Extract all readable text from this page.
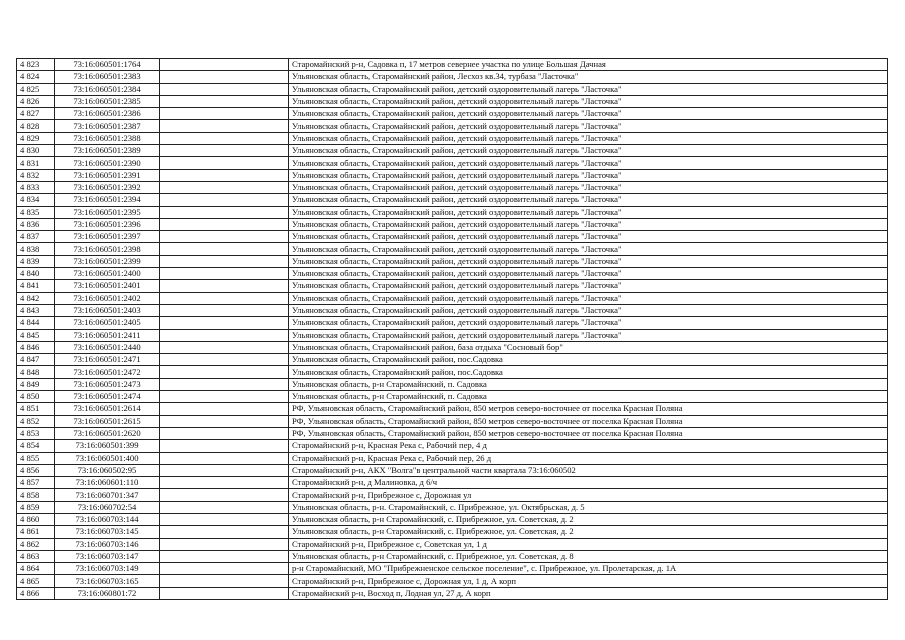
4 823	73:16:060501:1764		Старомайнский р-н, Садовка п, 17 метров севернее участка по улице Большая Дачная
4 824	73:16:060501:2383		Ульяновская область, Старомайнский район, Лесхоз кв.34, турбаза "Ласточка"
4 825	73:16:060501:2384		Ульяновская область, Старомайнский район, детский оздоровительный лагерь "Ласточка"
4 826	73:16:060501:2385		Ульяновская область, Старомайнский район, детский оздоровительный лагерь "Ласточка"
4 827	73:16:060501:2386		Ульяновская область, Старомайнский район, детский оздоровительный лагерь "Ласточка"
4 828	73:16:060501:2387		Ульяновская область, Старомайнский район, детский оздоровительный лагерь "Ласточка"
4 829	73:16:060501:2388		Ульяновская область, Старомайнский район, детский оздоровительный лагерь "Ласточка"
4 830	73:16:060501:2389		Ульяновская область, Старомайнский район, детский оздоровительный лагерь "Ласточка"
4 831	73:16:060501:2390		Ульяновская область, Старомайнский район, детский оздоровительный лагерь "Ласточка"
4 832	73:16:060501:2391		Ульяновская область, Старомайнский район, детский оздоровительный лагерь "Ласточка"
4 833	73:16:060501:2392		Ульяновская область, Старомайнский район, детский оздоровительный лагерь "Ласточка"
4 834	73:16:060501:2394		Ульяновская область, Старомайнский район, детский оздоровительный лагерь "Ласточка"
4 835	73:16:060501:2395		Ульяновская область, Старомайнский район, детский оздоровительный лагерь "Ласточка"
4 836	73:16:060501:2396		Ульяновская область, Старомайнский район, детский оздоровительный лагерь "Ласточка"
4 837	73:16:060501:2397		Ульяновская область, Старомайнский район, детский оздоровительный лагерь "Ласточка"
4 838	73:16:060501:2398		Ульяновская область, Старомайнский район, детский оздоровительный лагерь "Ласточка"
4 839	73:16:060501:2399		Ульяновская область, Старомайнский район, детский оздоровительный лагерь "Ласточка"
4 840	73:16:060501:2400		Ульяновская область, Старомайнский район, детский оздоровительный лагерь "Ласточка"
4 841	73:16:060501:2401		Ульяновская область, Старомайнский район, детский оздоровительный лагерь "Ласточка"
4 842	73:16:060501:2402		Ульяновская область, Старомайнский район, детский оздоровительный лагерь "Ласточка"
4 843	73:16:060501:2403		Ульяновская область, Старомайнский район, детский оздоровительный лагерь "Ласточка"
4 844	73:16:060501:2405		Ульяновская область, Старомайнский район, детский оздоровительный лагерь "Ласточка"
4 845	73:16:060501:2411		Ульяновская область, Старомайнский район, детский оздоровительный лагерь "Ласточка"
4 846	73:16:060501:2440		Ульяновская область, Старомайнский район, база отдыха "Сосновый бор"
4 847	73:16:060501:2471		Ульяновская область, Старомайнский район, пос.Садовка
4 848	73:16:060501:2472		Ульяновская область, Старомайнский район, пос.Садовка
4 849	73:16:060501:2473		Ульяновская область, р-н Старомайнский, п. Садовка
4 850	73:16:060501:2474		Ульяновская область, р-н Старомайнский, п. Садовка
4 851	73:16:060501:2614		РФ, Ульяновская область, Старомайнский район, 850 метров северо-восточнее от поселка Красная Поляна
4 852	73:16:060501:2615		РФ, Ульяновская область, Старомайнский район, 850 метров северо-восточнее от поселка Красная Поляна
4 853	73:16:060501:2620		РФ, Ульяновская область, Старомайнский район, 850 метров северо-восточнее от поселка Красная Поляна
4 854	73:16:060501:399		Старомайнский р-н, Красная Река с, Рабочий пер, 4 д
4 855	73:16:060501:400		Старомайнский р-н, Красная Река с, Рабочий пер, 26 д
4 856	73:16:060502:95		Старомайнский р-н, АКХ "Волга"в центральной части квартала 73:16:060502
4 857	73:16:060601:110		Старомайнский р-н, д Малиновка, д 6/ч
4 858	73:16:060701:347		Старомайнский р-н, Прибрежное с, Дорожная ул
4 859	73:16:060702:54		Ульяновская область, р-н. Старомайнский, с. Прибрежное, ул. Октябрьская, д. 5
4 860	73:16:060703:144		Ульяновская область, р-н Старомайнский, с. Прибрежное, ул. Советская, д. 2
4 861	73:16:060703:145		Ульяновская область, р-н Старомайнский, с. Прибрежное, ул. Советская, д. 2
4 862	73:16:060703:146		Старомайнский р-н, Прибрежное с, Советская ул, 1 д
4 863	73:16:060703:147		Ульяновская область, р-н Старомайнский, с. Прибрежное, ул. Советская, д. 8
4 864	73:16:060703:149		р-н Старомайнский, МО "Прибрежненское сельское поселение", с. Прибрежное, ул. Пролетарская, д. 1А
4 865	73:16:060703:165		Старомайнский р-н, Прибрежное с, Дорожная ул, 1 д, А корп
4 866	73:16:060801:72		Старомайнский р-н, Восход п, Лодная ул, 27 д, А корп
